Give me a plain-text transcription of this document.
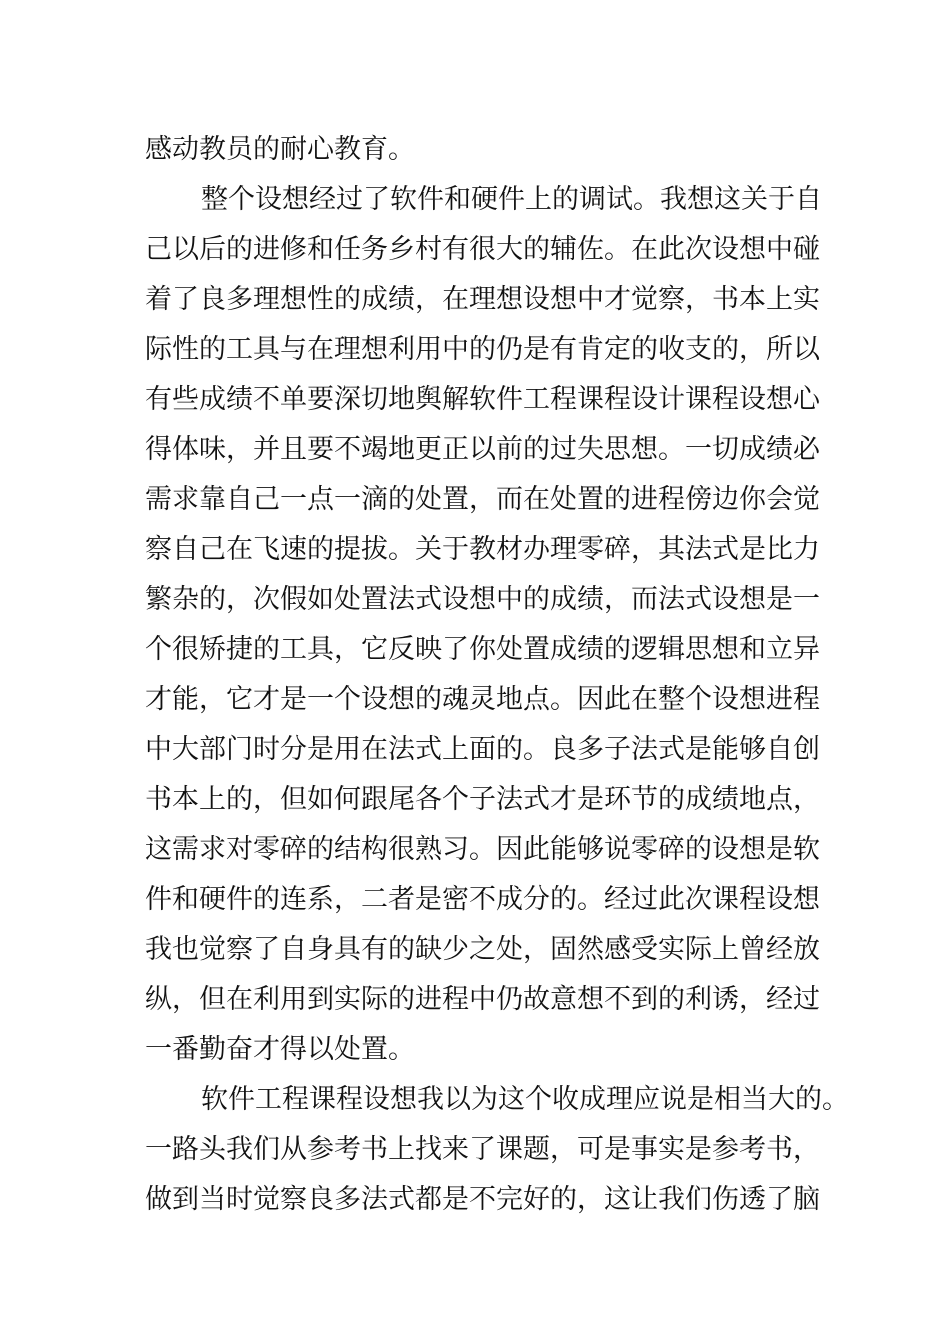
感动教员的耐心教育。
整个设想经过了软件和硬件上的调试。我想这关于自
己以后的进修和任务乡村有很大的辅佐。在此次设想中碰
着了良多理想性的成绩，在理想设想中才觉察，书本上实
际性的工具与在理想利用中的仍是有肯定的收支的，所以
有些成绩不单要深切地舆解软件工程课程设计课程设想心
得体味，并且要不竭地更正以前的过失思想。一切成绩必
需求靠自己一点一滴的处置，而在处置的进程傍边你会觉
察自己在飞速的提拔。关于教材办理零碎，其法式是比力
繁杂的，次假如处置法式设想中的成绩，而法式设想是一
个很矫捷的工具，它反映了你处置成绩的逻辑思想和立异
才能，它才是一个设想的魂灵地点。因此在整个设想进程
中大部门时分是用在法式上面的。良多子法式是能够自创
书本上的，但如何跟尾各个子法式才是环节的成绩地点，
这需求对零碎的结构很熟习。因此能够说零碎的设想是软
件和硬件的连系，二者是密不成分的。经过此次课程设想
我也觉察了自身具有的缺少之处，固然感受实际上曾经放
纵，但在利用到实际的进程中仍故意想不到的利诱，经过
一番勤奋才得以处置。
软件工程课程设想我以为这个收成理应说是相当大的。
一路头我们从参考书上找来了课题，可是事实是参考书，
做到当时觉察良多法式都是不完好的，这让我们伤透了脑
